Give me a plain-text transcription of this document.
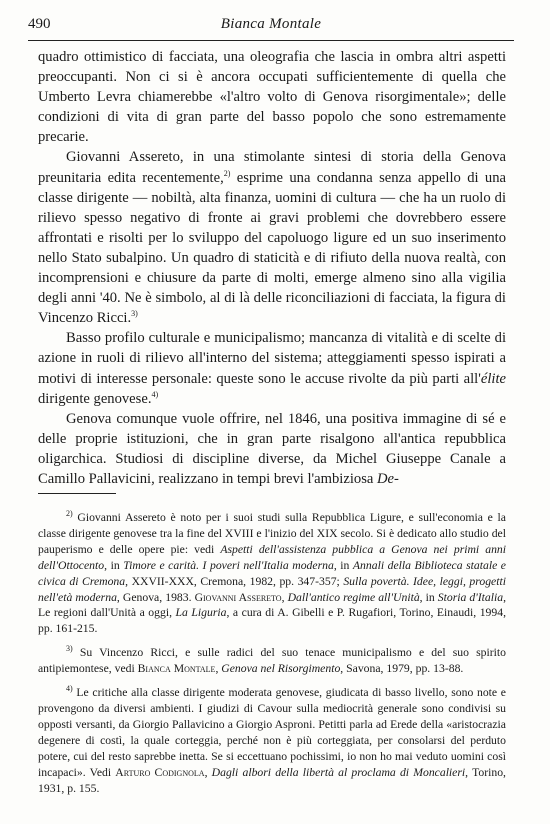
490	Bianca Montale

quadro ottimistico di facciata, una oleografia che lascia in ombra altri aspetti preoccupanti. Non ci si è ancora occupati sufficientemente di quella che Umberto Levra chiamerebbe «l'altro volto di Genova risorgimentale»; delle condizioni di vita di gran parte del basso popolo che sono estremamente precarie.

Giovanni Assereto, in una stimolante sintesi di storia della Genova preunitaria edita recentemente,$^{2)}$ esprime una condanna senza appello di una classe dirigente — nobiltà, alta finanza, uomini di cultura — che ha un ruolo di rilievo spesso negativo di fronte ai gravi problemi che dovrebbero essere affrontati e risolti per lo sviluppo del capoluogo ligure ed un suo inserimento nello Stato subalpino. Un quadro di staticità e di rifiuto della nuova realtà, con incomprensioni e chiusure da parte di molti, emerge almeno sino alla vigilia degli anni '40. Ne è simbolo, al di là delle riconciliazioni di facciata, la figura di Vincenzo Ricci.$^{3)}$

Basso profilo culturale e municipalismo; mancanza di vitalità e di scelte di azione in ruoli di rilievo all'interno del sistema; atteggiamenti spesso ispirati a motivi di interesse personale: queste sono le accuse rivolte da più parti all'élite dirigente genovese.$^{4)}$

Genova comunque vuole offrire, nel 1846, una positiva immagine di sé e delle proprie istituzioni, che in gran parte risalgono all'antica repubblica oligarchica. Studiosi di discipline diverse, da Michel Giuseppe Canale a Camillo Pallavicini, realizzano in tempi brevi l'ambiziosa De-

$^{2)}$ Giovanni Assereto è noto per i suoi studi sulla Repubblica Ligure, e sull'economia e la classe dirigente genovese tra la fine del XVIII e l'inizio del XIX secolo. Si è dedicato allo studio del pauperismo e delle opere pie: vedi Aspetti dell'assistenza pubblica a Genova nei primi anni dell'Ottocento, in Timore e carità. I poveri nell'Italia moderna, in Annali della Biblioteca statale e civica di Cremona, XXVII-XXX, Cremona, 1982, pp. 347-357; Sulla povertà. Idee, leggi, progetti nell'età moderna, Genova, 1983. Giovanni Assereto, Dall'antico regime all'Unità, in Storia d'Italia, Le regioni dall'Unità a oggi, La Liguria, a cura di A. Gibelli e P. Rugafiori, Torino, Einaudi, 1994, pp. 161-215.

$^{3)}$ Su Vincenzo Ricci, e sulle radici del suo tenace municipalismo e del suo spirito antipiemontese, vedi Bianca Montale, Genova nel Risorgimento, Savona, 1979, pp. 13-88.

$^{4)}$ Le critiche alla classe dirigente moderata genovese, giudicata di basso livello, sono note e provengono da diversi ambienti. I giudizi di Cavour sulla mediocrità generale sono condivisi su opposti versanti, da Giorgio Pallavicino a Giorgio Asproni. Petitti parla ad Erede della «aristocrazia degenere di costì, la quale corteggia, perché non è più corteggiata, per consolarsi del perduto potere, cui del resto saprebbe inetta. Se si eccettuano pochissimi, io non ho mai veduto uomini così incapaci». Vedi Arturo Codignola, Dagli albori della libertà al proclama di Moncalieri, Torino, 1931, p. 155.
